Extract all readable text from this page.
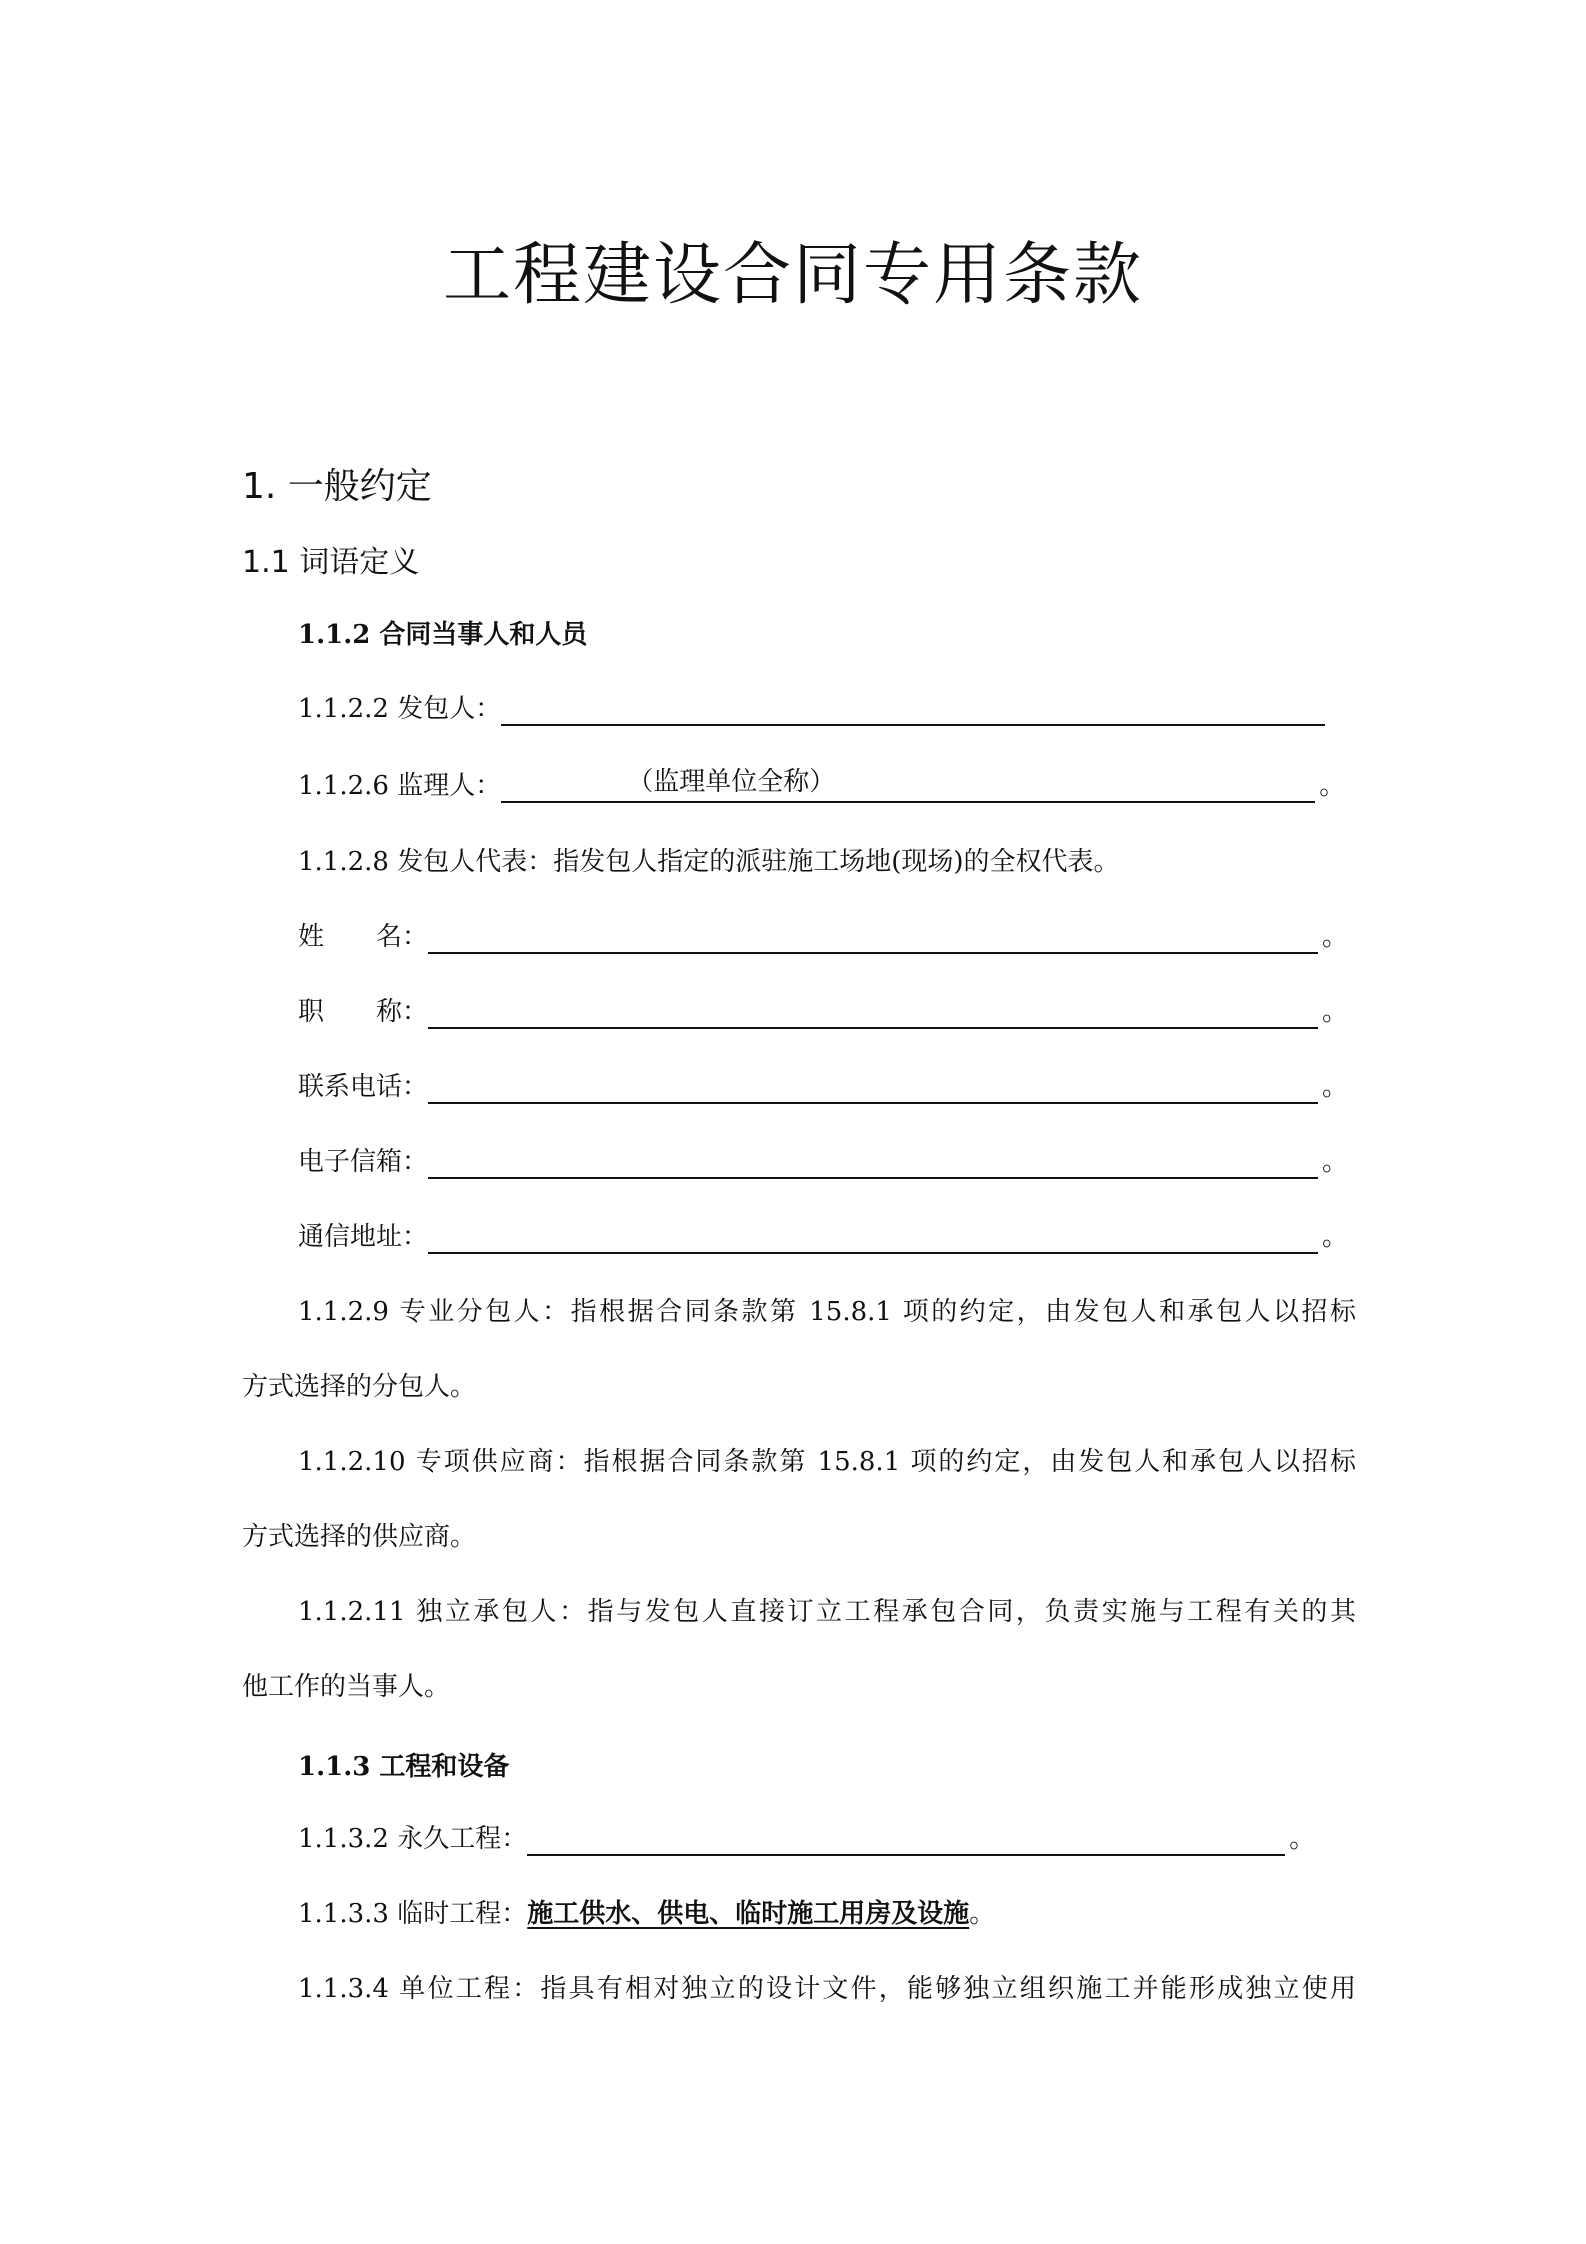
工程建设合同专用条款
1. 一般约定
1.1 词语定义
1.1.2 合同当事人和人员
1.1.2.2 发包人：
1.1.2.6 监理人：	（监理单位全称）	。
1.1.2.8 发包人代表：指发包人指定的派驻施工场地(现场)的全权代表。
姓　　名：	。
职　　称：	。
联系电话：	。
电子信箱：	。
通信地址：	。
1.1.2.9 专业分包人：指根据合同条款第 15.8.1 项的约定，由发包人和承包人以招标
方式选择的分包人。
1.1.2.10 专项供应商：指根据合同条款第 15.8.1 项的约定，由发包人和承包人以招标
方式选择的供应商。
1.1.2.11 独立承包人：指与发包人直接订立工程承包合同，负责实施与工程有关的其
他工作的当事人。
1.1.3 工程和设备
1.1.3.2 永久工程：	。
1.1.3.3 临时工程： 施工供水、供电、临时施工用房及设施 。
1.1.3.4 单位工程：指具有相对独立的设计文件，能够独立组织施工并能形成独立使用
